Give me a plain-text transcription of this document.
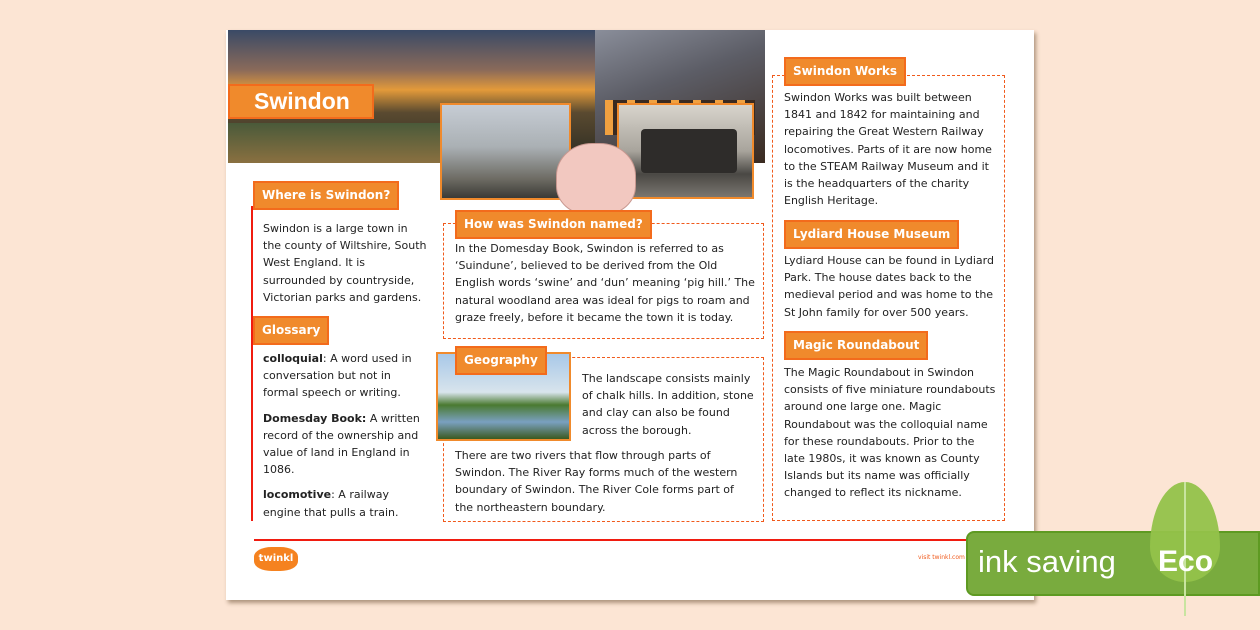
Swindon
Where is Swindon?
Swindon is a large town in the county of Wiltshire, South West England. It is surrounded by countryside, Victorian parks and gardens.
Glossary

colloquial: A word used in conversation but not in formal speech or writing.

Domesday Book: A written record of the ownership and value of land in England in 1086.

locomotive: A railway engine that pulls a train.

How was Swindon named?
In the Domesday Book, Swindon is referred to as ‘Suindune’, believed to be derived from the Old English words ‘swine’ and ‘dun’ meaning ‘pig hill.’ The natural woodland area was ideal for pigs to roam and graze freely, before it became the town it is today.
Geography
The landscape consists mainly of chalk hills. In addition, stone and clay can also be found across the borough.
There are two rivers that flow through parts of Swindon. The River Ray forms much of the western boundary of Swindon. The River Cole forms part of the northeastern boundary.
Swindon Works
Swindon Works was built between 1841 and 1842 for maintaining and repairing the Great Western Railway locomotives. Parts of it are now home to the STEAM Railway Museum and it is the headquarters of the charity English Heritage.
Lydiard House Museum
Lydiard House can be found in Lydiard Park. The house dates back to the medieval period and was home to the St John family for over 500 years.
Magic Roundabout
The Magic Roundabout in Swindon consists of five miniature roundabouts around one large one. Magic Roundabout was the colloquial name for these roundabouts. Prior to the late 1980s, it was known as County Islands but its name was officially changed to reflect its nickname.
twinkl	visit twinkl.com ink saving Eco
